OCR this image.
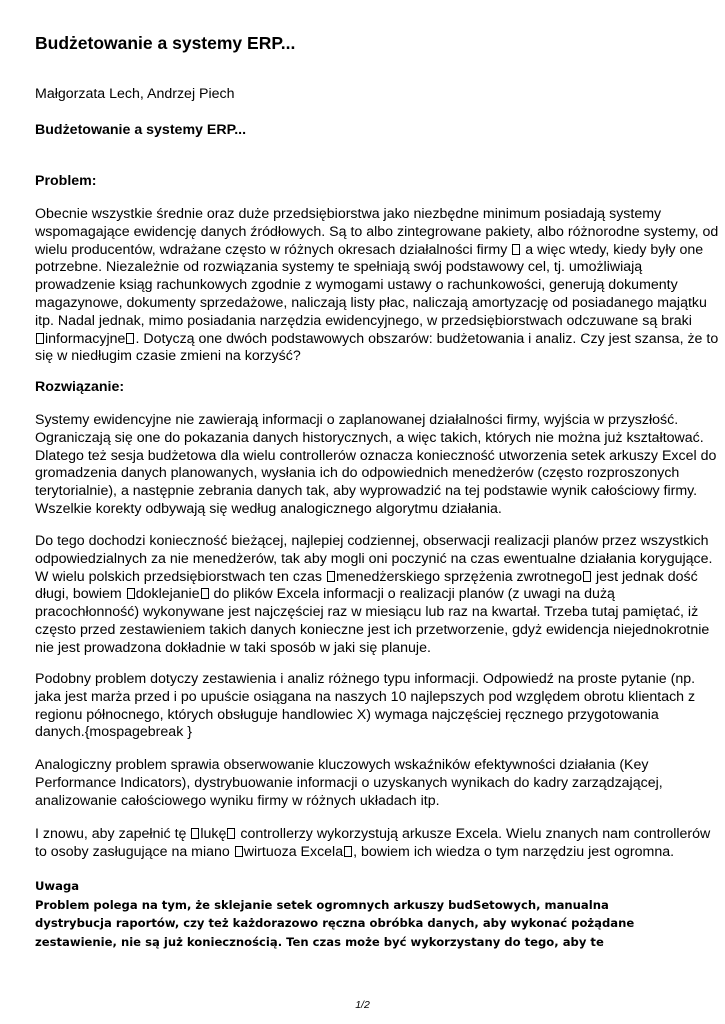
Budżetowanie a systemy ERP...
Małgorzata Lech, Andrzej Piech
Budżetowanie a systemy ERP...
Problem:
Obecnie wszystkie średnie oraz duże przedsiębiorstwa jako niezbędne minimum posiadają systemy
wspomagające ewidencję danych źródłowych. Są to albo zintegrowane pakiety, albo różnorodne systemy, od
wielu producentów, wdrażane często w różnych okresach działalności firmy  a więc wtedy, kiedy były one
potrzebne. Niezależnie od rozwiązania systemy te spełniają swój podstawowy cel, tj. umożliwiają
prowadzenie ksiąg rachunkowych zgodnie z wymogami ustawy o rachunkowości, generują dokumenty
magazynowe, dokumenty sprzedażowe, naliczają listy płac, naliczają amortyzację od posiadanego majątku
itp. Nadal jednak, mimo posiadania narzędzia ewidencyjnego, w przedsiębiorstwach odczuwane są braki
informacyjne . Dotyczą one dwóch podstawowych obszarów: budżetowania i analiz. Czy jest szansa, że to
się w niedługim czasie zmieni na korzyść?
Rozwiązanie:
Systemy ewidencyjne nie zawierają informacji o zaplanowanej działalności firmy, wyjścia w przyszłość.
Ograniczają się one do pokazania danych historycznych, a więc takich, których nie można już kształtować.
Dlatego też sesja budżetowa dla wielu controllerów oznacza konieczność utworzenia setek arkuszy Excel do
gromadzenia danych planowanych, wysłania ich do odpowiednich menedżerów (często rozproszonych
terytorialnie), a następnie zebrania danych tak, aby wyprowadzić na tej podstawie wynik całościowy firmy.
Wszelkie korekty odbywają się według analogicznego algorytmu działania.
Do tego dochodzi konieczność bieżącej, najlepiej codziennej, obserwacji realizacji planów przez wszystkich
odpowiedzialnych za nie menedżerów, tak aby mogli oni poczynić na czas ewentualne działania korygujące.
W wielu polskich przedsiębiorstwach ten czas menedżerskiego sprzężenia zwrotnego jest jednak dość
długi, bowiem doklejanie do plików Excela informacji o realizacji planów (z uwagi na dużą
pracochłonność) wykonywane jest najczęściej raz w miesiącu lub raz na kwartał. Trzeba tutaj pamiętać, iż
często przed zestawieniem takich danych konieczne jest ich przetworzenie, gdyż ewidencja niejednokrotnie
nie jest prowadzona dokładnie w taki sposób w jaki się planuje.
Podobny problem dotyczy zestawienia i analiz różnego typu informacji. Odpowiedź na proste pytanie (np.
jaka jest marża przed i po upuście osiągana na naszych 10 najlepszych pod względem obrotu klientach z
regionu północnego, których obsługuje handlowiec X) wymaga najczęściej ręcznego przygotowania
danych.{mospagebreak }
Analogiczny problem sprawia obserwowanie kluczowych wskaźników efektywności działania (Key
Performance Indicators), dystrybuowanie informacji o uzyskanych wynikach do kadry zarządzającej,
analizowanie całościowego wyniku firmy w różnych układach itp.
I znowu, aby zapełnić tę lukę controllerzy wykorzystują arkusze Excela. Wielu znanych nam controllerów
to osoby zasługujące na miano wirtuoza Excela , bowiem ich wiedza o tym narzędziu jest ogromna.
Uwaga
Problem polega na tym, że sklejanie setek ogromnych arkuszy budSetowych, manualna
dystrybucja raportów, czy też każdorazowo ręczna obróbka danych, aby wykonać pożądane
zestawienie, nie są już koniecznością. Ten czas może być wykorzystany do tego, aby te
1/2
